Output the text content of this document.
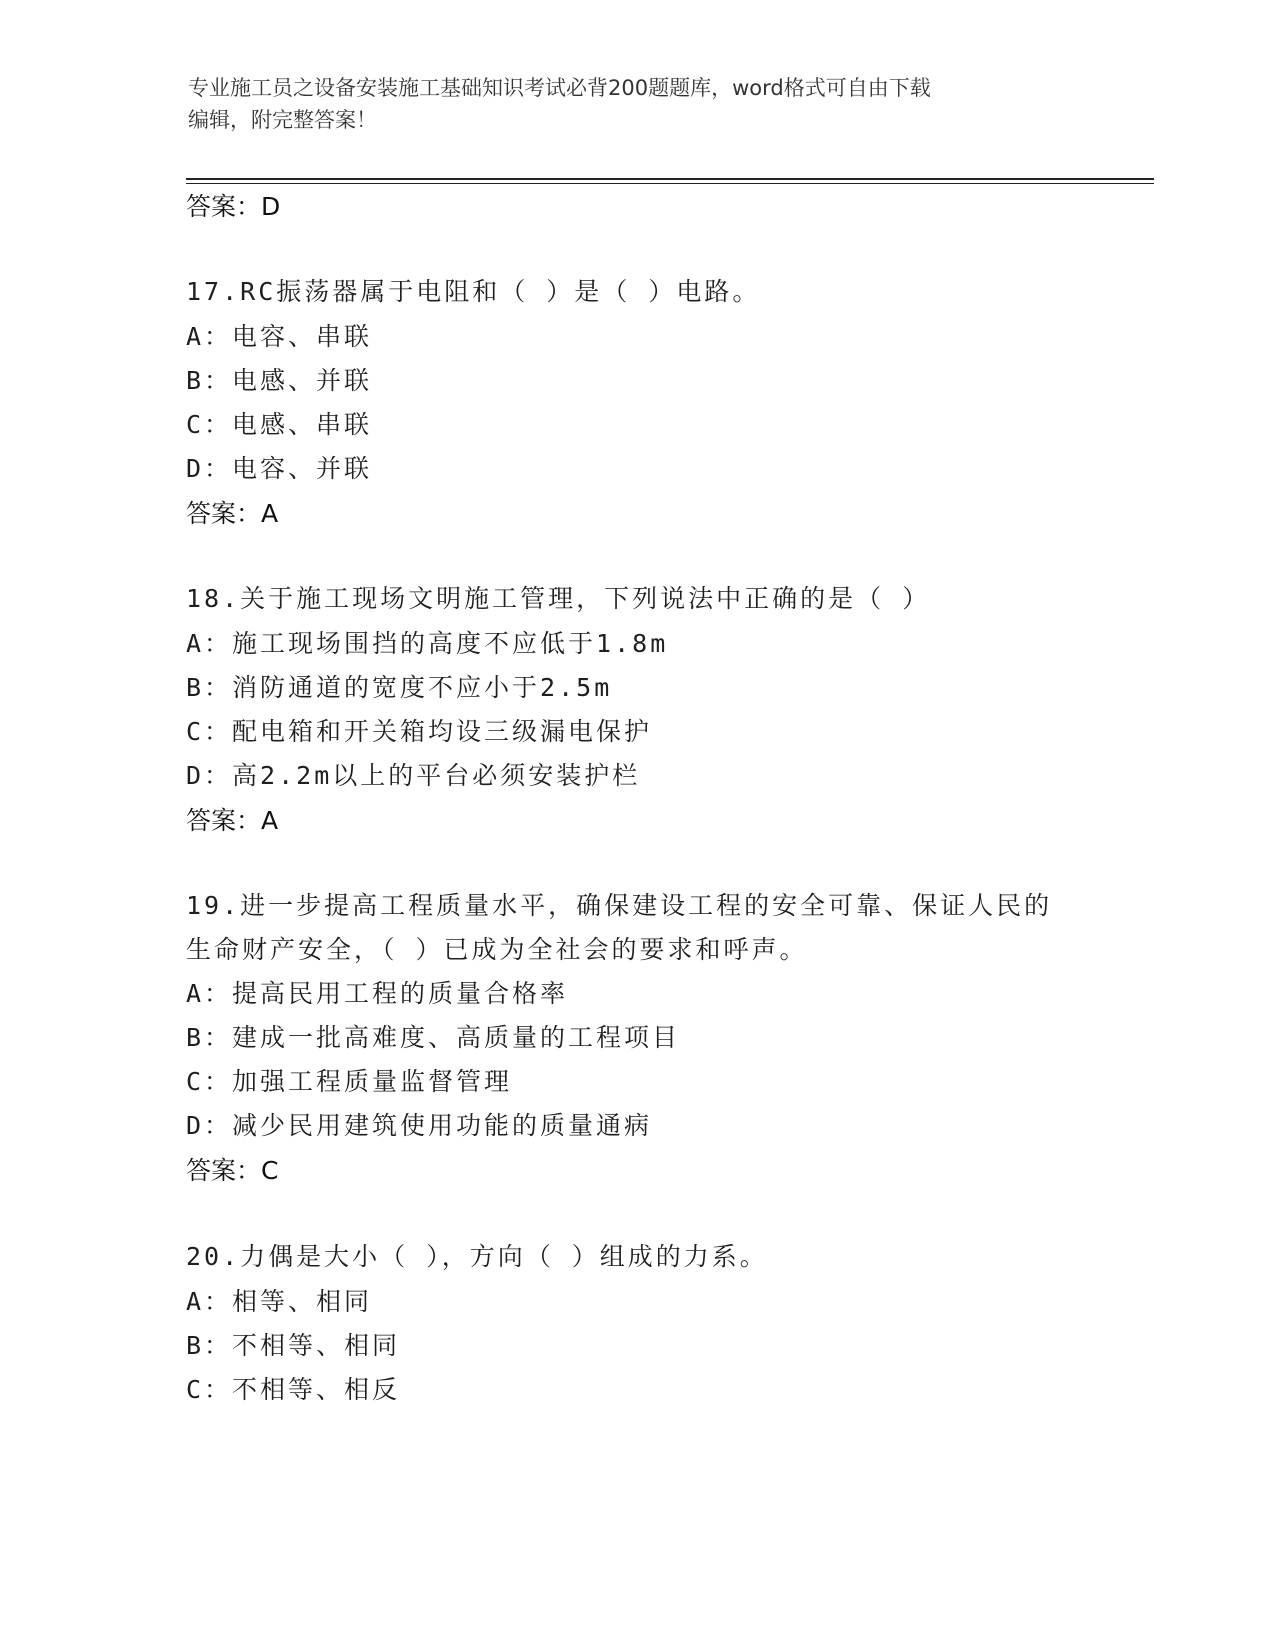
专业施工员之设备安装施工基础知识考试必背200题题库，word格式可自由下载
编辑，附完整答案！
答案：D
17.RC振荡器属于电阻和（ ）是（ ）电路。
A：电容、串联
B：电感、并联
C：电感、串联
D：电容、并联
答案：A
18.关于施工现场文明施工管理，下列说法中正确的是（ ）
A：施工现场围挡的高度不应低于1.8m
B：消防通道的宽度不应小于2.5m
C：配电箱和开关箱均设三级漏电保护
D：高2.2m以上的平台必须安装护栏
答案：A
19.进一步提高工程质量水平，确保建设工程的安全可靠、保证人民的
生命财产安全，（ ）已成为全社会的要求和呼声。
A：提高民用工程的质量合格率
B：建成一批高难度、高质量的工程项目
C：加强工程质量监督管理
D：减少民用建筑使用功能的质量通病
答案：C
20.力偶是大小（ ），方向（ ）组成的力系。
A：相等、相同
B：不相等、相同
C：不相等、相反
